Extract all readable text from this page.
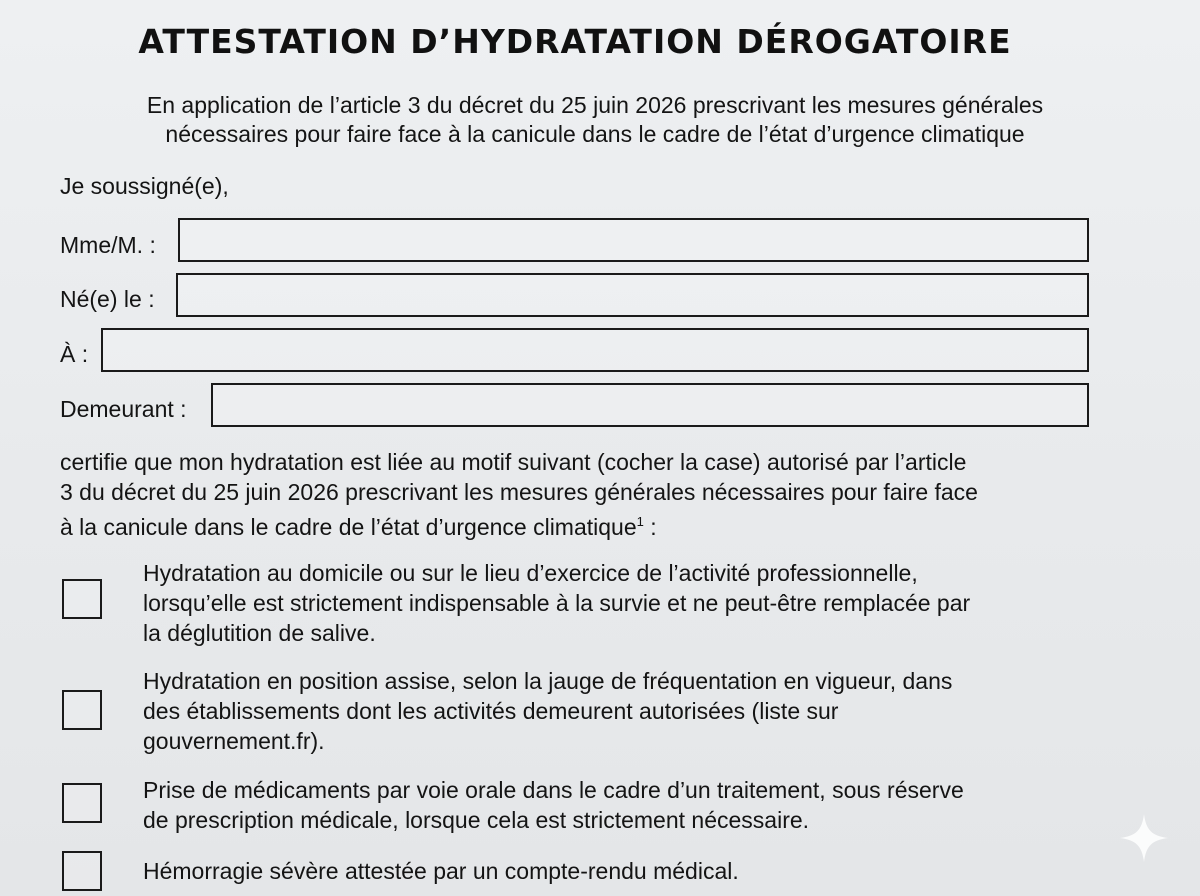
ATTESTATION D’HYDRATATION DÉROGATOIRE
En application de l’article 3 du décret du 25 juin 2026 prescrivant les mesures générales
nécessaires pour faire face à la canicule dans le cadre de l’état d’urgence climatique
Je soussigné(e),
Mme/M. :
Né(e) le :
À :
Demeurant :
certifie que mon hydratation est liée au motif suivant (cocher la case) autorisé par l’article
3 du décret du 25 juin 2026 prescrivant les mesures générales nécessaires pour faire face
à la canicule dans le cadre de l’état d’urgence climatique$^1$ :
Hydratation au domicile ou sur le lieu d’exercice de l’activité professionnelle,
lorsqu’elle est strictement indispensable à la survie et ne peut-être remplacée par
la déglutition de salive.
Hydratation en position assise, selon la jauge de fréquentation en vigueur, dans
des établissements dont les activités demeurent autorisées (liste sur
gouvernement.fr).
Prise de médicaments par voie orale dans le cadre d’un traitement, sous réserve
de prescription médicale, lorsque cela est strictement nécessaire.
Hémorragie sévère attestée par un compte-rendu médical.
